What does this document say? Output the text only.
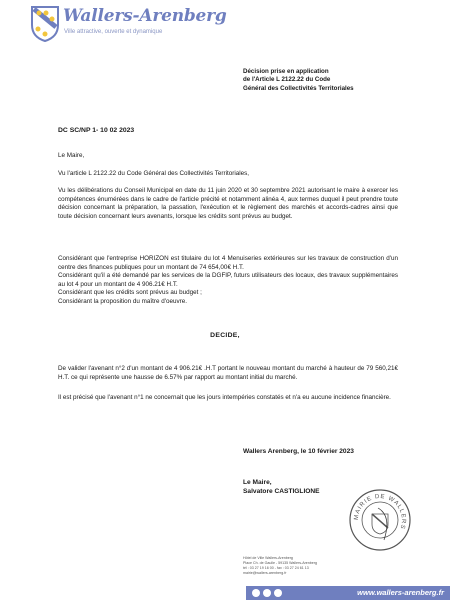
Wallers-Arenberg

Ville attractive, ouverte et dynamique
Décision prise en application
de l'Article L 2122.22 du Code
Général des Collectivités Territoriales
DC SC/NP 1- 10 02 2023
Le Maire,
Vu l'article L 2122.22 du Code Général des Collectivités Territoriales,
Vu les délibérations du Conseil Municipal en date du 11 juin 2020 et 30 septembre 2021 autorisant le maire à exercer les compétences énumérées dans le cadre de l'article précité et notamment alinéa 4, aux termes duquel il peut prendre toute décision concernant la préparation, la passation, l'exécution et le règlement des marchés et accords-cadres ainsi que toute décision concernant leurs avenants, lorsque les crédits sont prévus au budget.
Considérant que l'entreprise HORIZON est titulaire du lot 4 Menuiseries extérieures sur les travaux de construction d'un centre des finances publiques pour un montant de 74 654,00€ H.T.
Considérant qu'il a été demandé par les services de la DGFIP, futurs utilisateurs des locaux, des travaux supplémentaires au lot 4 pour un montant de 4 906.21€ H.T.
Considérant que les crédits sont prévus au budget ;
Considérant la proposition du maître d'oeuvre.
DECIDE,
De valider l'avenant n°2 d'un montant de 4 906.21€ .H.T portant le nouveau montant du marché à hauteur de 79 560,21€ H.T. ce qui représente une hausse de 6.57% par rapport au montant initial du marché.
Il est précisé que l'avenant n°1 ne concernait que les jours intempéries constatés et n'a eu aucune incidence financière.
Wallers Arenberg, le 10 février 2023
Le Maire,
Salvatore CASTIGLIONE
MAIRIE DE WALLERS
Hôtel de Ville Wallers-Arenberg
Place Ch. de Gaulle - 59135 Wallers-Arenberg
tél : 03 27 19 16 00 - fax : 03 27 24 61 13
mairie@wallers-arenberg.fr
www.wallers-arenberg.fr
